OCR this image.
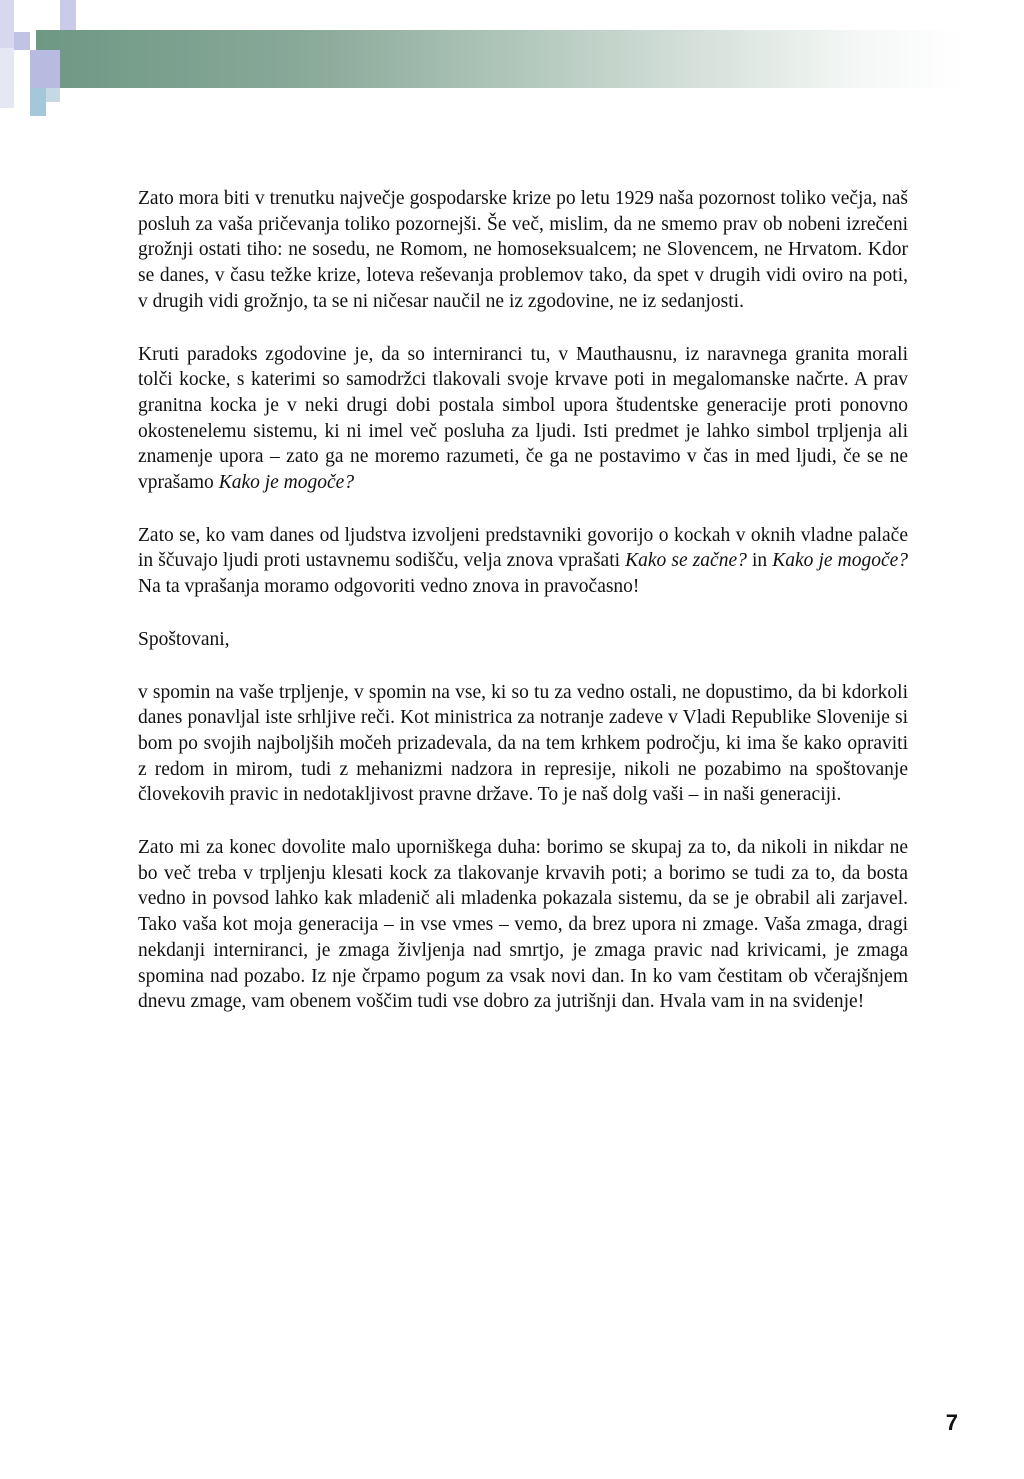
Zato mora biti v trenutku največje gospodarske krize po letu 1929 naša pozornost toliko večja, naš posluh za vaša pričevanja toliko pozornejši. Še več, mislim, da ne smemo prav ob nobeni izrečeni grožnji ostati tiho: ne sosedu, ne Romom, ne homoseksualcem; ne Slovencem, ne Hrvatom. Kdor se danes, v času težke krize, loteva reševanja problemov tako, da spet v drugih vidi oviro na poti, v drugih vidi grožnjo, ta se ni ničesar naučil ne iz zgodovine, ne iz sedanjosti.

Kruti paradoks zgodovine je, da so interniranci tu, v Mauthausnu, iz naravnega granita morali tolči kocke, s katerimi so samodržci tlakovali svoje krvave poti in megalomanske načrte. A prav granitna kocka je v neki drugi dobi postala simbol upora študentske generacije proti ponovno okostenelemu sistemu, ki ni imel več posluha za ljudi. Isti predmet je lahko simbol trpljenja ali znamenje upora – zato ga ne moremo razumeti, če ga ne postavimo v čas in med ljudi, če se ne vprašamo Kako je mogoče?

Zato se, ko vam danes od ljudstva izvoljeni predstavniki govorijo o kockah v oknih vladne palače in ščuvajo ljudi proti ustavnemu sodišču, velja znova vprašati Kako se začne? in Kako je mogoče? Na ta vprašanja moramo odgovoriti vedno znova in pravočasno!

Spoštovani,

v spomin na vaše trpljenje, v spomin na vse, ki so tu za vedno ostali, ne dopustimo, da bi kdorkoli danes ponavljal iste srhljive reči. Kot ministrica za notranje zadeve v Vladi Republike Slovenije si bom po svojih najboljših močeh prizadevala, da na tem krhkem področju, ki ima še kako opraviti z redom in mirom, tudi z mehanizmi nadzora in represije, nikoli ne pozabimo na spoštovanje človekovih pravic in nedotakljivost pravne države. To je naš dolg vaši – in naši generaciji.

Zato mi za konec dovolite malo uporniškega duha: borimo se skupaj za to, da nikoli in nikdar ne bo več treba v trpljenju klesati kock za tlakovanje krvavih poti; a borimo se tudi za to, da bosta vedno in povsod lahko kak mladenič ali mladenka pokazala sistemu, da se je obrabil ali zarjavel. Tako vaša kot moja generacija – in vse vmes – vemo, da brez upora ni zmage. Vaša zmaga, dragi nekdanji interniranci, je zmaga življenja nad smrtjo, je zmaga pravic nad krivicami, je zmaga spomina nad pozabo. Iz nje črpamo pogum za vsak novi dan. In ko vam čestitam ob včerajšnjem dnevu zmage, vam obenem voščim tudi vse dobro za jutrišnji dan. Hvala vam in na svidenje!

7
